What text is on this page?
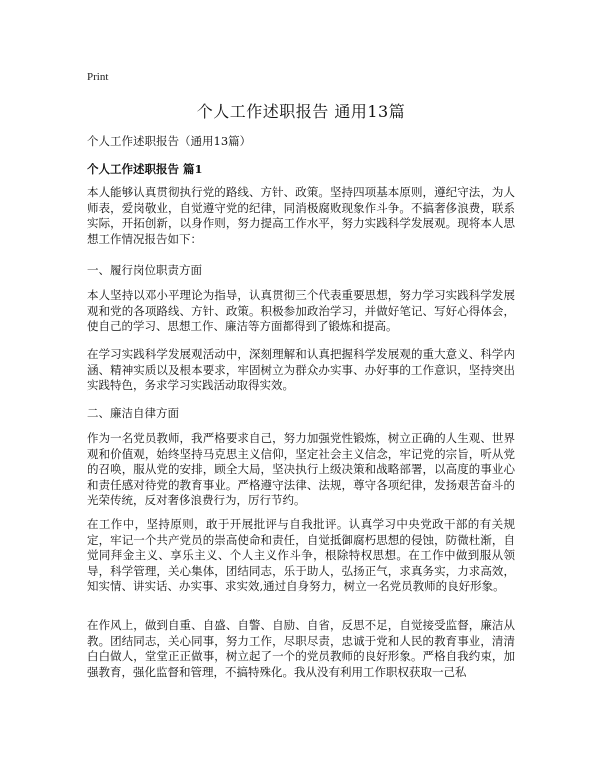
Print
个人工作述职报告 通用13篇
个人工作述职报告（通用13篇）
个人工作述职报告 篇1

本人能够认真贯彻执行党的路线、方针、政策。坚持四项基本原则，遵纪守法，为人师表，爱岗敬业，自觉遵守党的纪律，同消极腐败现象作斗争。不搞奢侈浪费，联系实际，开拓创新，以身作则，努力提高工作水平，努力实践科学发展观。现将本人思想工作情况报告如下：

一、履行岗位职责方面

本人坚持以邓小平理论为指导，认真贯彻三个代表重要思想，努力学习实践科学发展观和党的各项路线、方针、政策。积极参加政治学习，并做好笔记、写好心得体会，使自己的学习、思想工作、廉洁等方面都得到了锻炼和提高。

在学习实践科学发展观活动中，深刻理解和认真把握科学发展观的重大意义、科学内涵、精神实质以及根本要求，牢固树立为群众办实事、办好事的工作意识，坚持突出实践特色，务求学习实践活动取得实效。

二、廉洁自律方面

作为一名党员教师，我严格要求自己，努力加强党性锻炼，树立正确的人生观、世界观和价值观，始终坚持马克思主义信仰，坚定社会主义信念，牢记党的宗旨，听从党的召唤，服从党的安排，顾全大局，坚决执行上级决策和战略部署，以高度的事业心和责任感对待党的教育事业。严格遵守法律、法规，尊守各项纪律，发扬艰苦奋斗的光荣传统，反对奢侈浪费行为，厉行节约。

在工作中，坚持原则，敢于开展批评与自我批评。认真学习中央党政干部的有关规定，牢记一个共产党员的崇高使命和责任，自觉抵御腐朽思想的侵蚀，防微杜渐，自觉同拜金主义、享乐主义、个人主义作斗争，根除特权思想。在工作中做到服从领导，科学管理，关心集体，团结同志，乐于助人，弘扬正气，求真务实，力求高效，知实情、讲实话、办实事、求实效,通过自身努力，树立一名党员教师的良好形象。

在作风上，做到自重、自盛、自警、自励、自省，反思不足，自觉接受监督，廉洁从教。团结同志，关心同事，努力工作，尽职尽责，忠诚于党和人民的教育事业，清清白白做人，堂堂正正做事，树立起了一个的党员教师的良好形象。严格自我约束，加强教育，强化监督和管理，不搞特殊化。我从没有利用工作职权获取一己私
